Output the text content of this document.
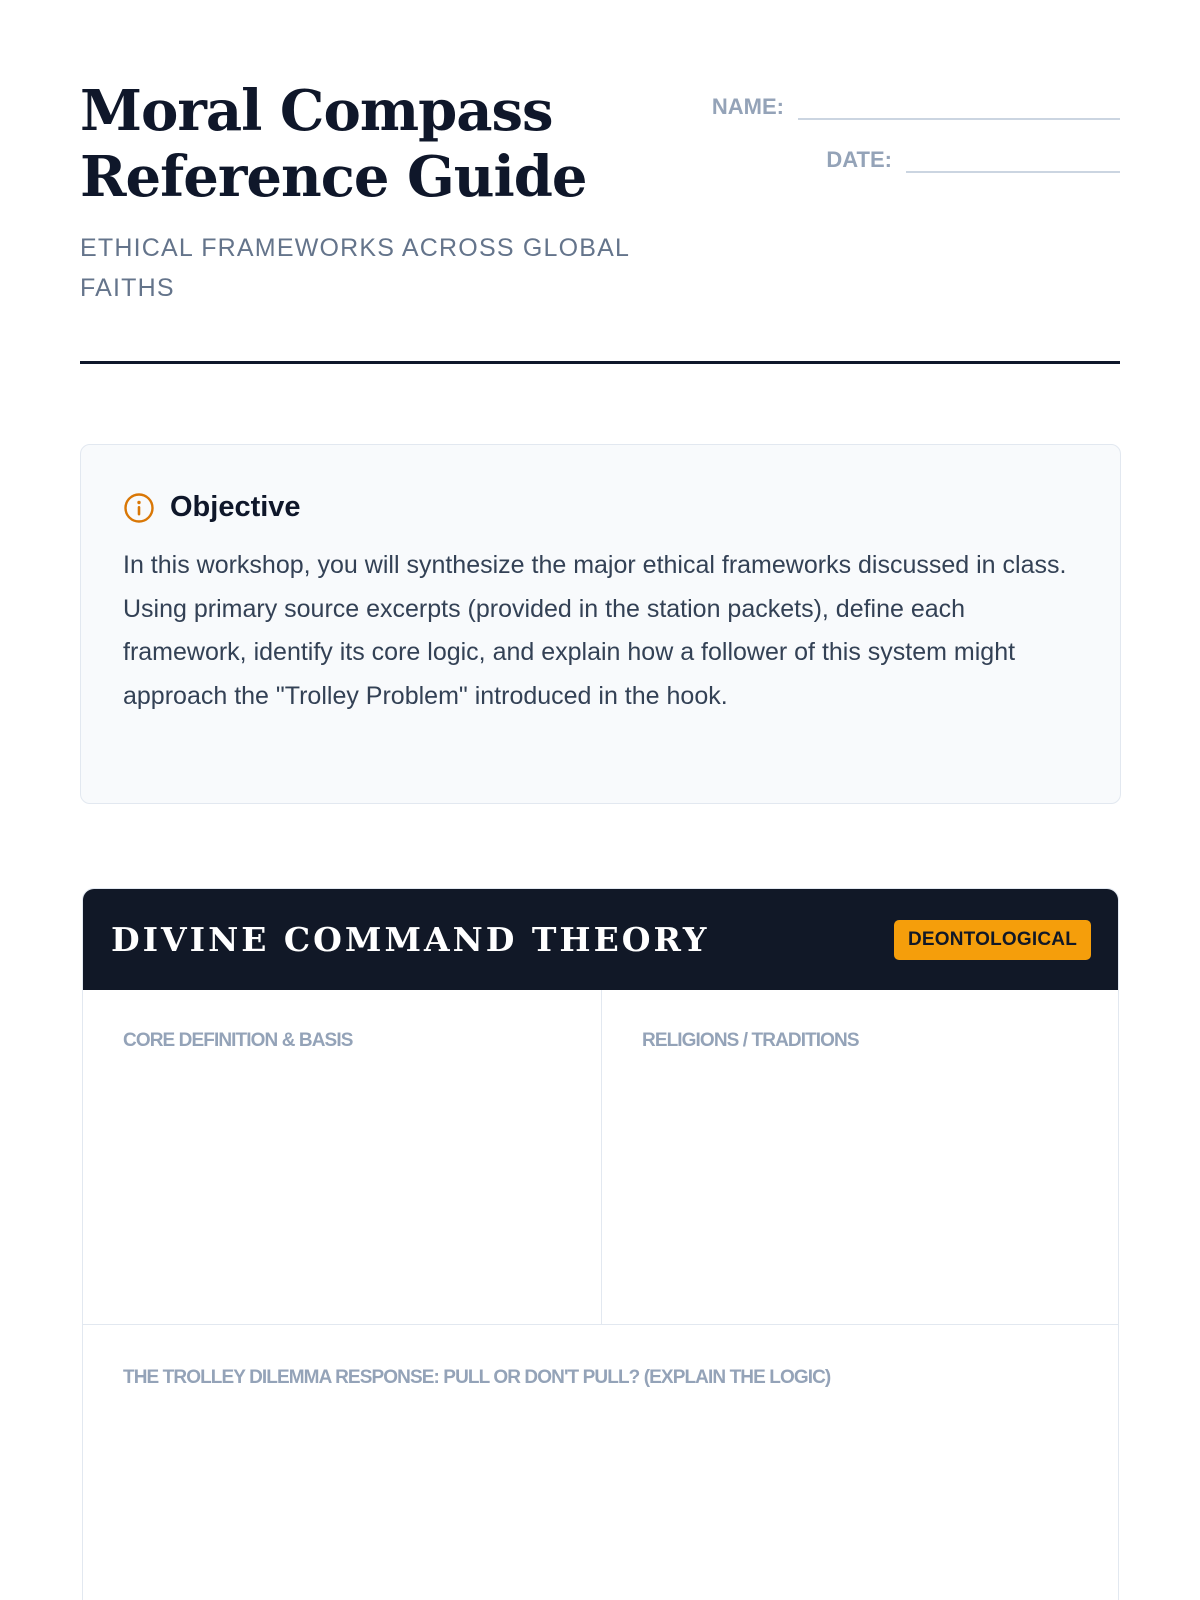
Moral Compass
Reference Guide
ETHICAL FRAMEWORKS ACROSS GLOBAL FAITHS
NAME:
DATE:
Objective

In this workshop, you will synthesize the major ethical frameworks discussed in class. Using primary source excerpts (provided in the station packets), define each framework, identify its core logic, and explain how a follower of this system might approach the "Trolley Problem" introduced in the hook.

DIVINE COMMAND THEORY	DEONTOLOGICAL
CORE DEFINITION & BASIS	RELIGIONS / TRADITIONS
THE TROLLEY DILEMMA RESPONSE: PULL OR DON'T PULL? (EXPLAIN THE LOGIC)
